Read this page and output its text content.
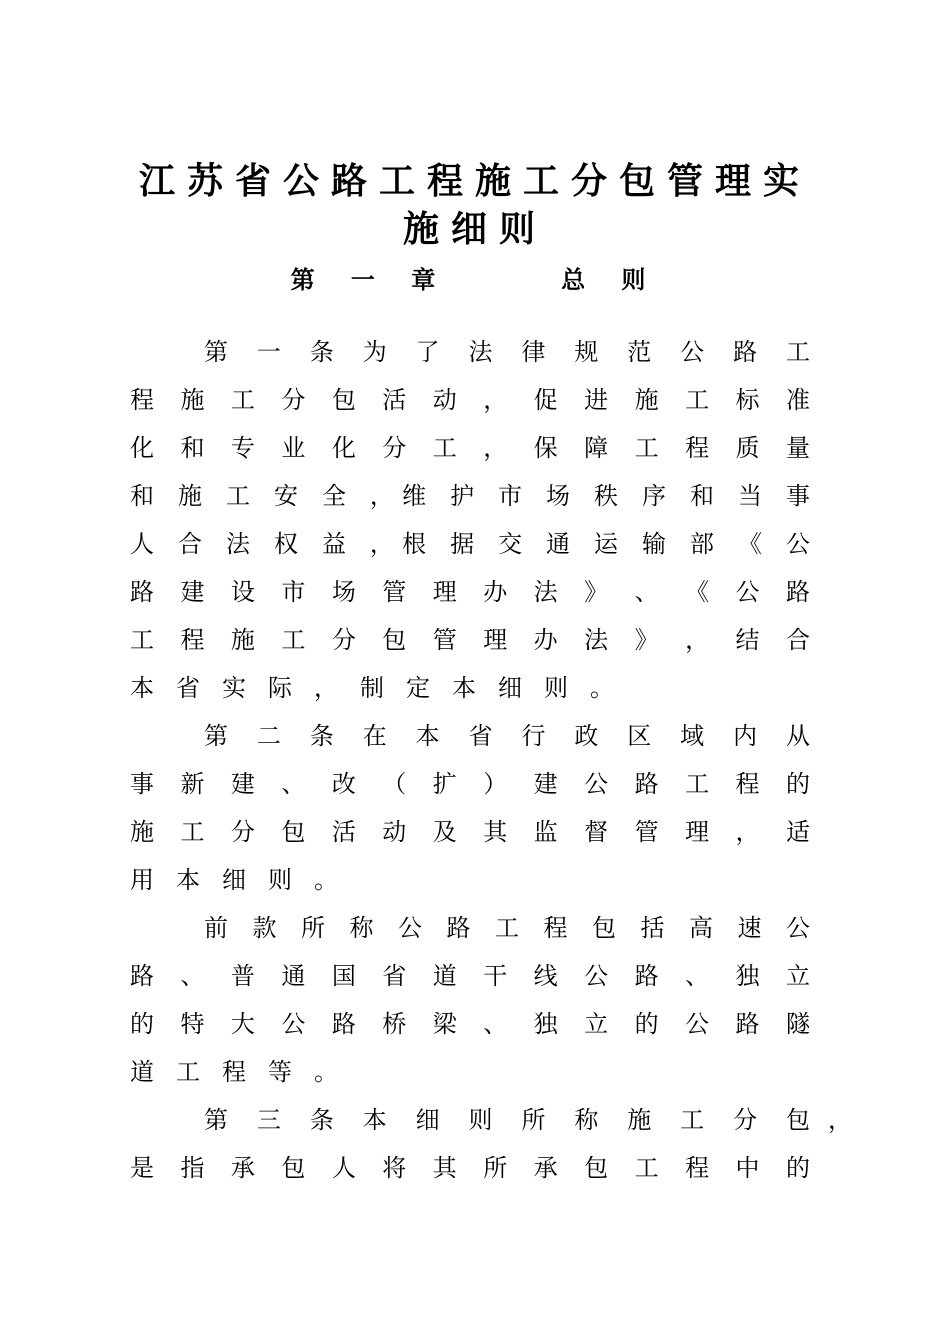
江苏省公路工程施工分包管理实
施细则
第 一 章     总 则
第 一 条 为 了 法 律 规 范 公 路 工
程 施 工 分 包 活 动 ， 促 进 施 工 标 准
化 和 专 业 化 分 工 ， 保 障 工 程 质 量
和 施 工 安 全 ，维 护 市 场 秩 序 和 当 事
人 合 法 权 益 ，根 据 交 通 运 输 部 《 公
路 建 设 市 场 管 理 办 法 》 、 《 公 路
工 程 施 工 分 包 管 理 办 法 》 ， 结 合
本省实际，制定本细则。
第 二 条 在 本 省 行 政 区 域 内 从
事 新 建 、 改 （ 扩 ） 建 公 路 工 程 的
施 工 分 包 活 动 及 其 监 督 管 理 ， 适
用本细则。
前 款 所 称 公 路 工 程 包 括 高 速 公
路 、 普 通 国 省 道 干 线 公 路 、 独 立
的 特 大 公 路 桥 梁 、 独 立 的 公 路 隧
道工程等。
第 三 条 本 细 则 所 称 施 工 分 包 ，
是 指 承 包 人 将 其 所 承 包 工 程 中 的
